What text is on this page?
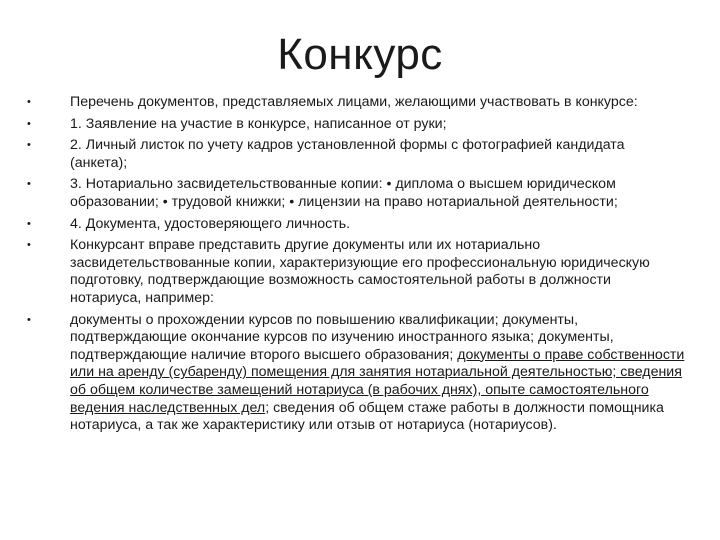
Конкурс
•	Перечень документов, представляемых лицами, желающими участвовать в конкурсе:
•	1. Заявление на участие в конкурсе, написанное от руки;
•	2. Личный листок по учету кадров установленной формы с фотографией кандидата (анкета);
•	3. Нотариально засвидетельствованные копии: • диплома о высшем юридическом образовании; • трудовой книжки; • лицензии на право нотариальной деятельности;
•	4. Документа, удостоверяющего личность.
•	Конкурсант вправе представить другие документы или их нотариально засвидетельствованные копии, характеризующие его профессиональную юридическую подготовку, подтверждающие возможность самостоятельной работы в должности нотариуса, например:
•	документы о прохождении курсов по повышению квалификации; документы, подтверждающие окончание курсов по изучению иностранного языка; документы, подтверждающие наличие второго высшего образования; документы о праве собственности или на аренду (субаренду) помещения для занятия нотариальной деятельностью; сведения об общем количестве замещений нотариуса (в рабочих днях), опыте самостоятельного ведения наследственных дел; сведения об общем стаже работы в должности помощника нотариуса, а так же характеристику или отзыв от нотариуса (нотариусов).
